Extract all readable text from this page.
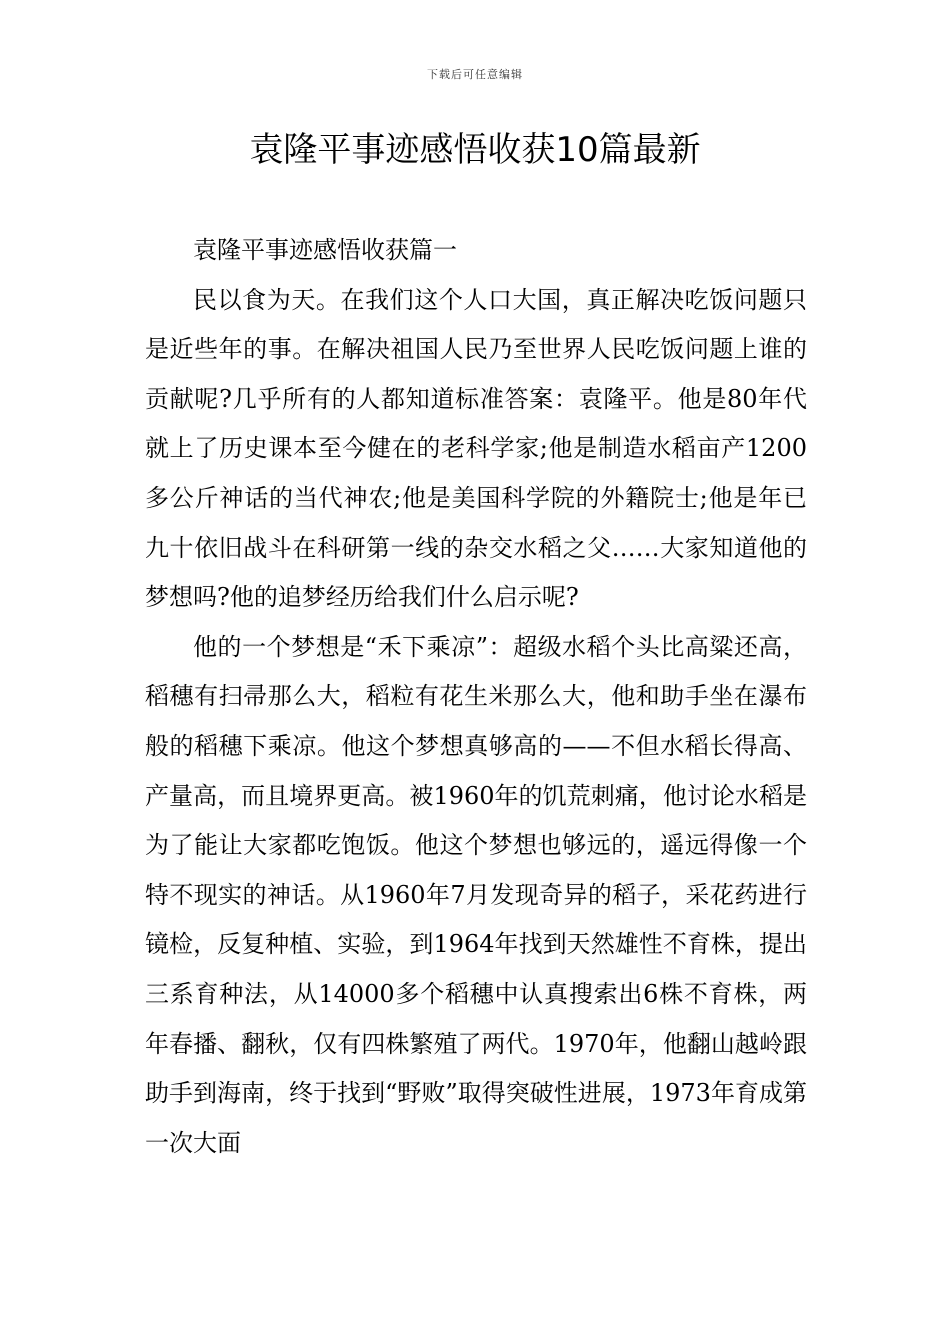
下载后可任意编辑
袁隆平事迹感悟收获10篇最新
袁隆平事迹感悟收获篇一

民以食为天。在我们这个人口大国，真正解决吃饭问题只是近些年的事。在解决祖国人民乃至世界人民吃饭问题上谁的贡献呢?几乎所有的人都知道标准答案：袁隆平。他是80年代就上了历史课本至今健在的老科学家;他是制造水稻亩产1200多公斤神话的当代神农;他是美国科学院的外籍院士;他是年已九十依旧战斗在科研第一线的杂交水稻之父……大家知道他的梦想吗?他的追梦经历给我们什么启示呢?

他的一个梦想是“禾下乘凉”：超级水稻个头比高粱还高，稻穗有扫帚那么大，稻粒有花生米那么大，他和助手坐在瀑布般的稻穗下乘凉。他这个梦想真够高的——不但水稻长得高、产量高，而且境界更高。被1960年的饥荒刺痛，他讨论水稻是为了能让大家都吃饱饭。他这个梦想也够远的，遥远得像一个特不现实的神话。从1960年7月发现奇异的稻子，采花药进行镜检，反复种植、实验，到1964年找到天然雄性不育株，提出三系育种法，从14000多个稻穗中认真搜索出6株不育株，两年春播、翻秋，仅有四株繁殖了两代。1970年，他翻山越岭跟助手到海南，终于找到“野败”取得突破性进展，1973年育成第一次大面
